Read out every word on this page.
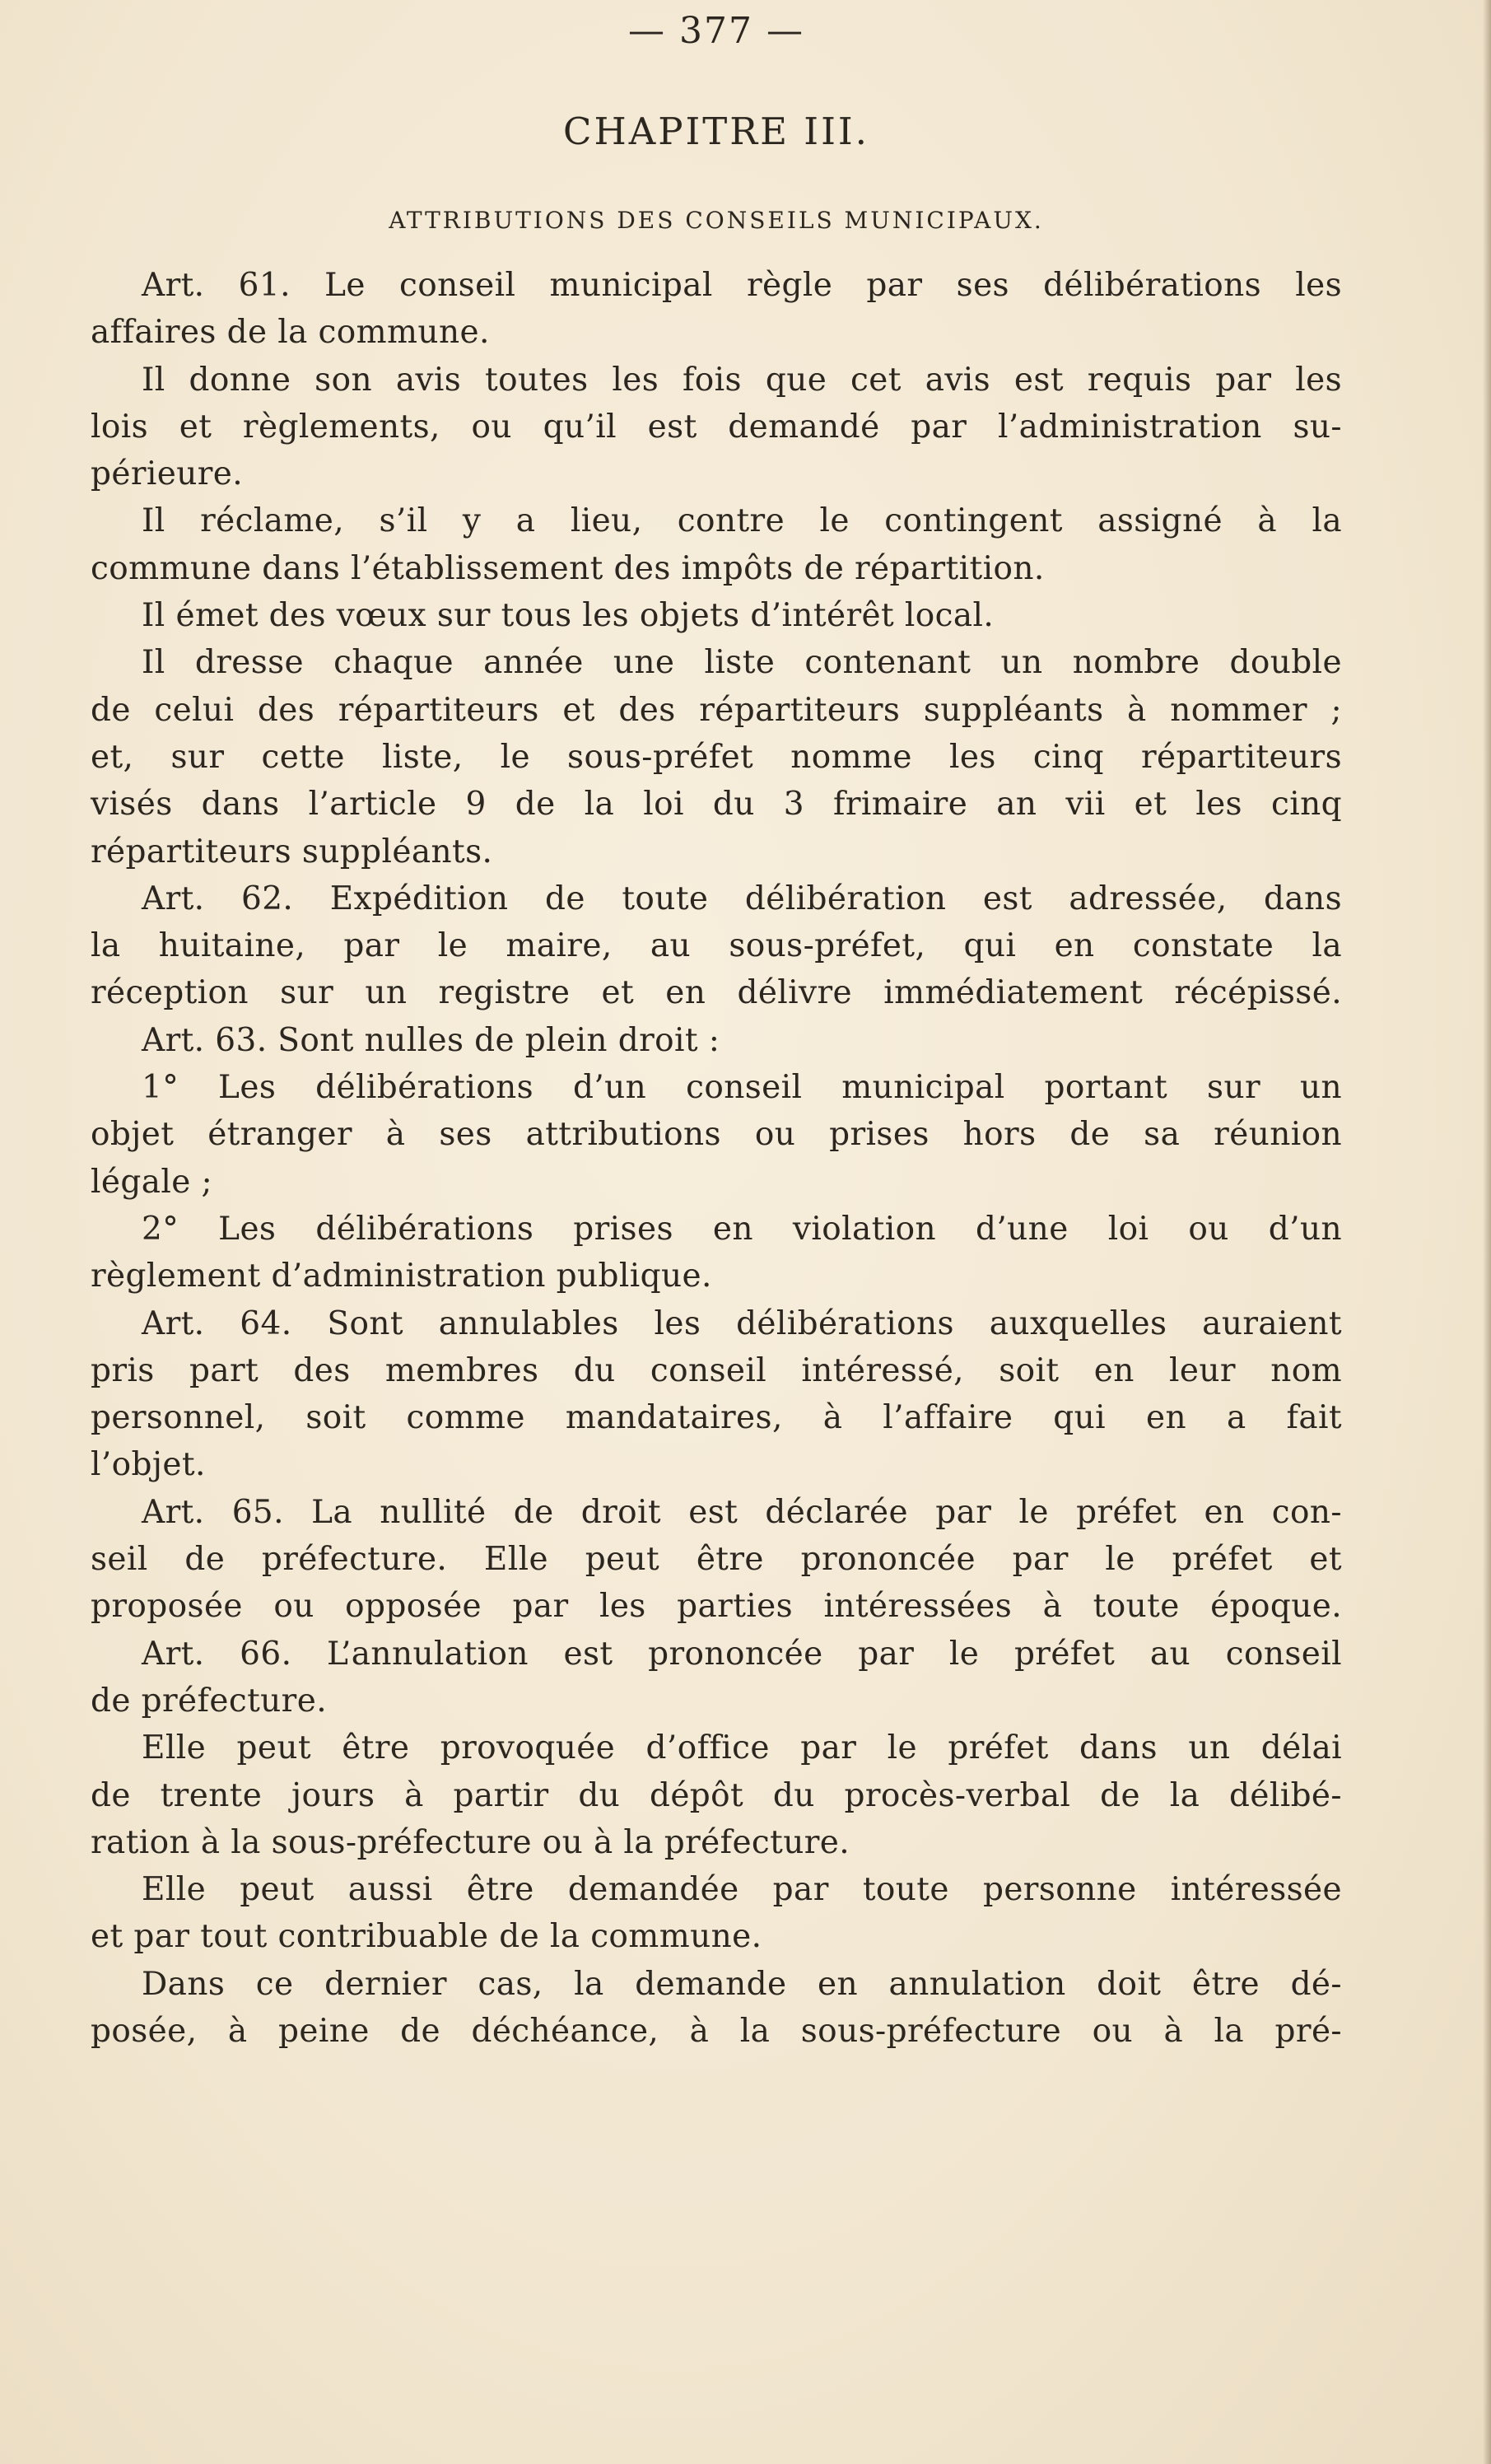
— 377 —
CHAPITRE III.
ATTRIBUTIONS DES CONSEILS MUNICIPAUX.
Art. 61. Le conseil municipal règle par ses délibérations les
affaires de la commune.
Il donne son avis toutes les fois que cet avis est requis par les
lois et règlements, ou qu’il est demandé par l’administration su-
périeure.
Il réclame, s’il y a lieu, contre le contingent assigné à la
commune dans l’établissement des impôts de répartition.
Il émet des vœux sur tous les objets d’intérêt local.
Il dresse chaque année une liste contenant un nombre double
de celui des répartiteurs et des répartiteurs suppléants à nommer ;
et, sur cette liste, le sous-préfet nomme les cinq répartiteurs
visés dans l’article 9 de la loi du 3 frimaire an vii et les cinq
répartiteurs suppléants.
Art. 62. Expédition de toute délibération est adressée, dans
la huitaine, par le maire, au sous-préfet, qui en constate la
réception sur un registre et en délivre immédiatement récépissé.
Art. 63. Sont nulles de plein droit :
1° Les délibérations d’un conseil municipal portant sur un
objet étranger à ses attributions ou prises hors de sa réunion
légale ;
2° Les délibérations prises en violation d’une loi ou d’un
règlement d’administration publique.
Art. 64. Sont annulables les délibérations auxquelles auraient
pris part des membres du conseil intéressé, soit en leur nom
personnel, soit comme mandataires, à l’affaire qui en a fait
l’objet.
Art. 65. La nullité de droit est déclarée par le préfet en con-
seil de préfecture. Elle peut être prononcée par le préfet et
proposée ou opposée par les parties intéressées à toute époque.
Art. 66. L’annulation est prononcée par le préfet au conseil
de préfecture.
Elle peut être provoquée d’office par le préfet dans un délai
de trente jours à partir du dépôt du procès-verbal de la délibé-
ration à la sous-préfecture ou à la préfecture.
Elle peut aussi être demandée par toute personne intéressée
et par tout contribuable de la commune.
Dans ce dernier cas, la demande en annulation doit être dé-
posée, à peine de déchéance, à la sous-préfecture ou à la pré-
